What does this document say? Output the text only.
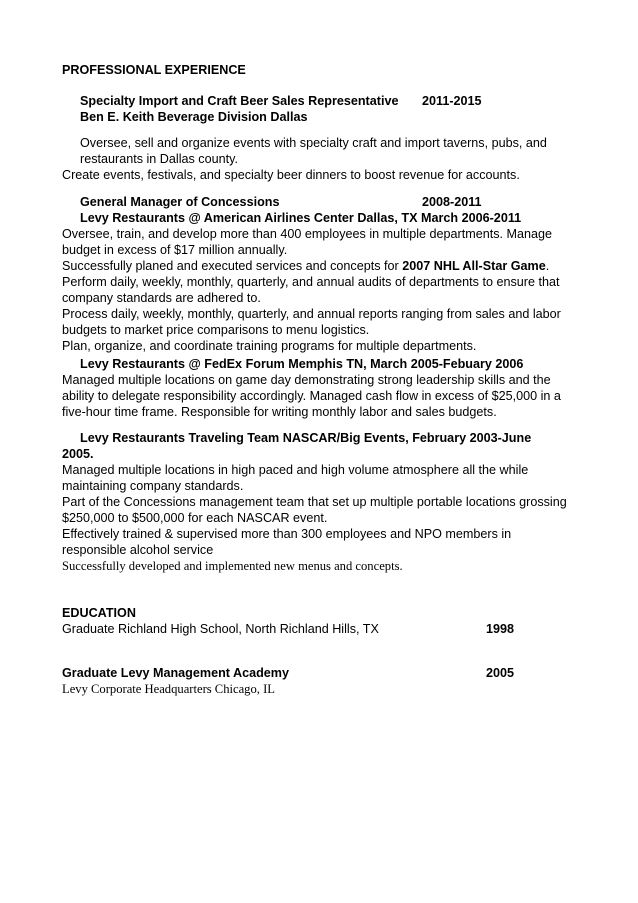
PROFESSIONAL EXPERIENCE
Specialty Import and Craft Beer Sales Representative	2011-2015
Ben E. Keith Beverage Division Dallas
Oversee, sell and organize events with specialty craft and import taverns, pubs, and
restaurants in Dallas county.
Create events, festivals, and specialty beer dinners to boost revenue for accounts.
General Manager of Concessions	2008-2011
Levy Restaurants @ American Airlines Center Dallas, TX March 2006-2011
Oversee, train, and develop more than 400 employees in multiple departments. Manage
budget in excess of $17 million annually.
Successfully planed and executed services and concepts for 2007 NHL All-Star Game.
Perform daily, weekly, monthly, quarterly, and annual audits of departments to ensure that
company standards are adhered to.
Process daily, weekly, monthly, quarterly, and annual reports ranging from sales and labor
budgets to market price comparisons to menu logistics.
Plan, organize, and coordinate training programs for multiple departments.
Levy Restaurants @ FedEx Forum Memphis TN, March 2005-Febuary 2006
Managed multiple locations on game day demonstrating strong leadership skills and the
ability to delegate responsibility accordingly. Managed cash flow in excess of $25,000 in a
five-hour time frame. Responsible for writing monthly labor and sales budgets.
Levy Restaurants Traveling Team NASCAR/Big Events, February 2003-June
2005.
Managed multiple locations in high paced and high volume atmosphere all the while
maintaining company standards.
Part of the Concessions management team that set up multiple portable locations grossing
$250,000 to $500,000 for each NASCAR event.
Effectively trained & supervised more than 300 employees and NPO members in
responsible alcohol service
Successfully developed and implemented new menus and concepts.
EDUCATION
Graduate Richland High School, North Richland Hills, TX	1998
Graduate Levy Management Academy	2005
Levy Corporate Headquarters Chicago, IL
